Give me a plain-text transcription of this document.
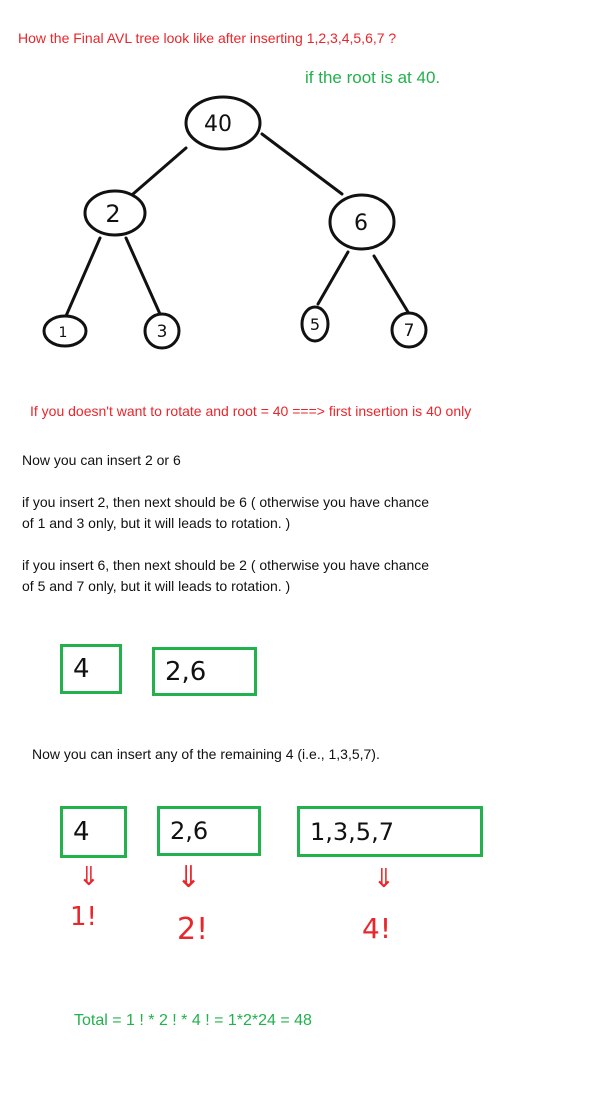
How the Final AVL tree look like after inserting 1,2,3,4,5,6,7 ?

if the root is at 40.

40
2	6
1	3	5	7

If you doesn't want to rotate and root = 40 ===> first insertion is 40 only

Now you can insert 2 or 6

if you insert 2, then next should be 6 ( otherwise you have chance

of 1 and 3 only, but it will leads to rotation. )

if you insert 6, then next should be 2 ( otherwise you have chance

of 5 and 7 only, but it will leads to rotation. )

4	2,6

Now you can insert any of the remaining 4 (i.e., 1,3,5,7).

4	2,6	1,3,5,7
⇓	⇓	⇓
1!	2!	4!

Total = 1 ! * 2 ! * 4 ! = 1*2*24 = 48
